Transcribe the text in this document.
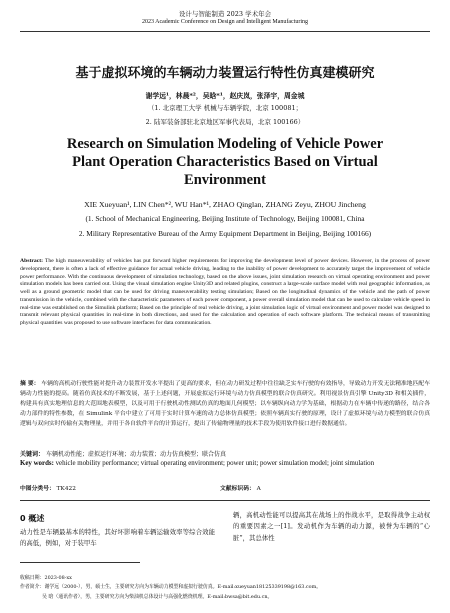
设计与智能制造 2023 学术年会
2023 Academic Conference on Design and Intelligent Manufacturing
基于虚拟环境的车辆动力装置运行特性仿真建模研究
谢学远¹，林晨*²，吴晗*¹，赵庆岚，张泽宇，周金城
（1. 北京理工大学 机械与车辆学院，北京 100081；
2. 陆军装备部驻北京地区军事代表局，北京 100166）
Research on Simulation Modeling of Vehicle Power Plant Operation Characteristics Based on Virtual Environment
XIE Xueyuan¹, LIN Chen*², WU Han*¹, ZHAO Qinglan, ZHANG Zeyu, ZHOU Jincheng
(1. School of Mechanical Engineering, Beijing Institute of Technology, Beijing 100081, China
2. Military Representative Bureau of the Army Equipment Department in Beijing, Beijing 100166)
Abstract: The high maneuverability of vehicles has put forward higher requirements for improving the development level of power devices. However, in the process of power development, there is often a lack of effective guidance for actual vehicle driving, leading to the inability of power development to accurately target the improvement of vehicle power performance. With the continuous development of simulation technology, based on the above issues, joint simulation research on virtual operating environment and power simulation models has been carried out. Using the visual simulation engine Unity3D and related plugins, construct a large-scale surface model with real geographic information, as well as a ground geometric model that can be used for driving maneuverability testing simulation; Based on the longitudinal dynamics of the vehicle and the path of power transmission in the vehicle, combined with the characteristic parameters of each power component, a power overall simulation model that can be used to calculate vehicle speed in real-time was established on the Simulink platform; Based on the principle of real vehicle driving, a joint simulation logic of virtual environment and power model was designed to transmit relevant physical quantities in real-time in both directions, and used for the calculation and operation of each software platform. The technical means of transmitting physical quantities was proposed to use software interfaces for data communication.
摘 要： 车辆的高机动行驶性能对提升动力装置开发水平提出了更高的要求，但在动力研发过程中往往缺乏实车行驶的有效指导，导致动力开发无法精准地匹配车辆动力性能的提高。随着仿真技术的不断发展，基于上述问题，开展虚拟运行环境与动力仿真模型的联合仿真研究。利用视景仿真引擎 Unity3D 和相关插件，构建具有真实地理信息的大范围地表模型，以及可用于行驶机动性测试仿真的地面几何模型；以车辆纵向动力学为基础，根据动力在车辆中传递的路径，结合各动力部件的特性参数，在 Simulink 平台中建立了可用于实时计算车速的动力总体仿真模型；依照车辆真实行驶的原理，设计了虚拟环境与动力模型的联合仿真逻辑与双向实时传输有关物理量，并用于各自软件平台的计算运行，提出了传输物理量的技术手段为使用软件接口进行数据通信。
关键词： 车辆机动性能；虚拟运行环境；动力装置；动力仿真模型；联合仿真
Key words: vehicle mobility performance; virtual operating environment; power unit; power simulation model; joint simulation
中图分类号： TK422	文献标识码： A
0 概述
动力性是车辆最基本的特性，其好坏影响着车辆运输效率等综合效能的高低，例如，对于装甲车
辆，高机动性能可以提高其在战场上的作战水平，是取得战争主动权的重要因素之一[1]。发动机作为车辆的动力源，被誉为车辆的“心脏”，其总体性
收稿日期：2023-08-xx
作者简介：谢学远（2000-），男，硕士生，主要研究方向为车辆动力模型和虚拟行驶仿真。E-mail:xueyuan18125339198@163.com。
吴 晗（通讯作者），男，主要研究方向为柴油机总体设计与高强化燃烧机理。E-mail:bwsa@bit.edu.cn。
